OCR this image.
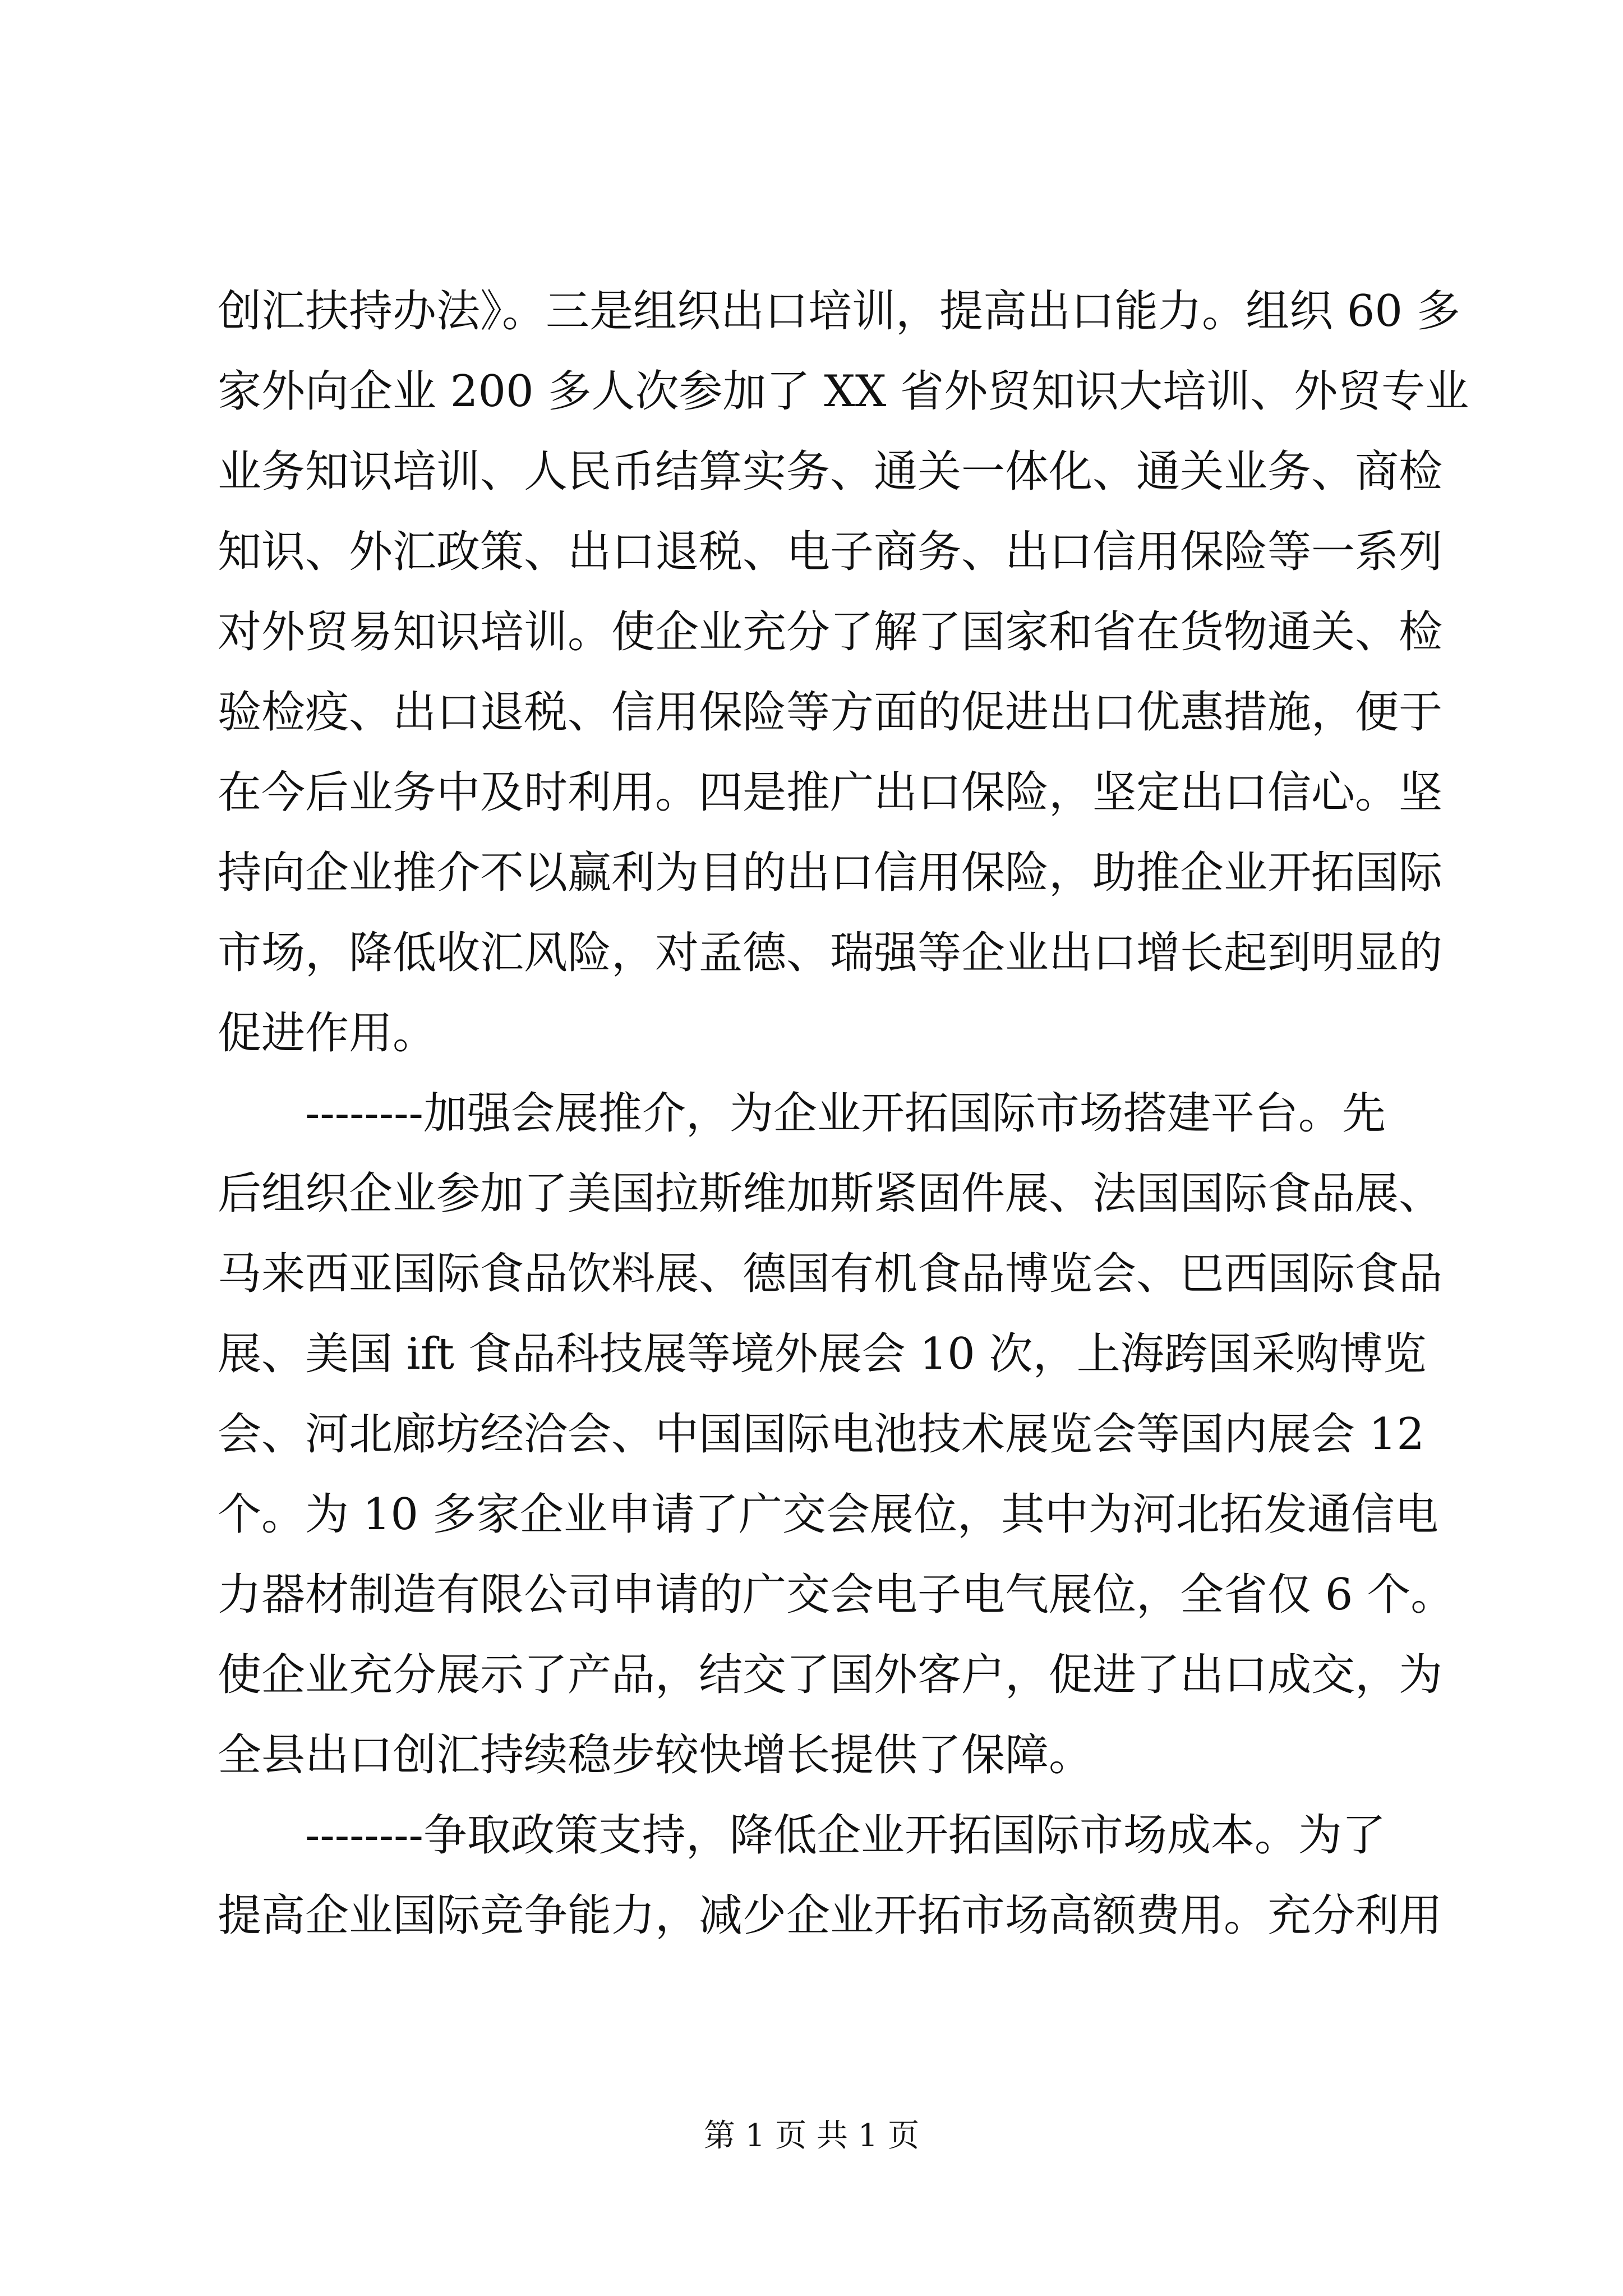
创汇扶持办法》。三是组织出口培训，提高出口能力。组织 60 多
家外向企业 200 多人次参加了 XX 省外贸知识大培训、外贸专业
业务知识培训、人民币结算实务、通关一体化、通关业务、商检
知识、外汇政策、出口退税、电子商务、出口信用保险等一系列
对外贸易知识培训。使企业充分了解了国家和省在货物通关、检
验检疫、出口退税、信用保险等方面的促进出口优惠措施，便于
在今后业务中及时利用。四是推广出口保险，坚定出口信心。坚
持向企业推介不以赢利为目的出口信用保险，助推企业开拓国际
市场，降低收汇风险，对孟德、瑞强等企业出口增长起到明显的
促进作用。
--------加强会展推介，为企业开拓国际市场搭建平台。先
后组织企业参加了美国拉斯维加斯紧固件展、法国国际食品展、
马来西亚国际食品饮料展、德国有机食品博览会、巴西国际食品
展、美国 ift 食品科技展等境外展会 10 次，上海跨国采购博览
会、河北廊坊经洽会、中国国际电池技术展览会等国内展会 12
个。为 10 多家企业申请了广交会展位，其中为河北拓发通信电
力器材制造有限公司申请的广交会电子电气展位，全省仅 6 个。
使企业充分展示了产品，结交了国外客户，促进了出口成交，为
全县出口创汇持续稳步较快增长提供了保障。
--------争取政策支持，降低企业开拓国际市场成本。为了
提高企业国际竞争能力，减少企业开拓市场高额费用。充分利用
第 1 页 共 1 页
